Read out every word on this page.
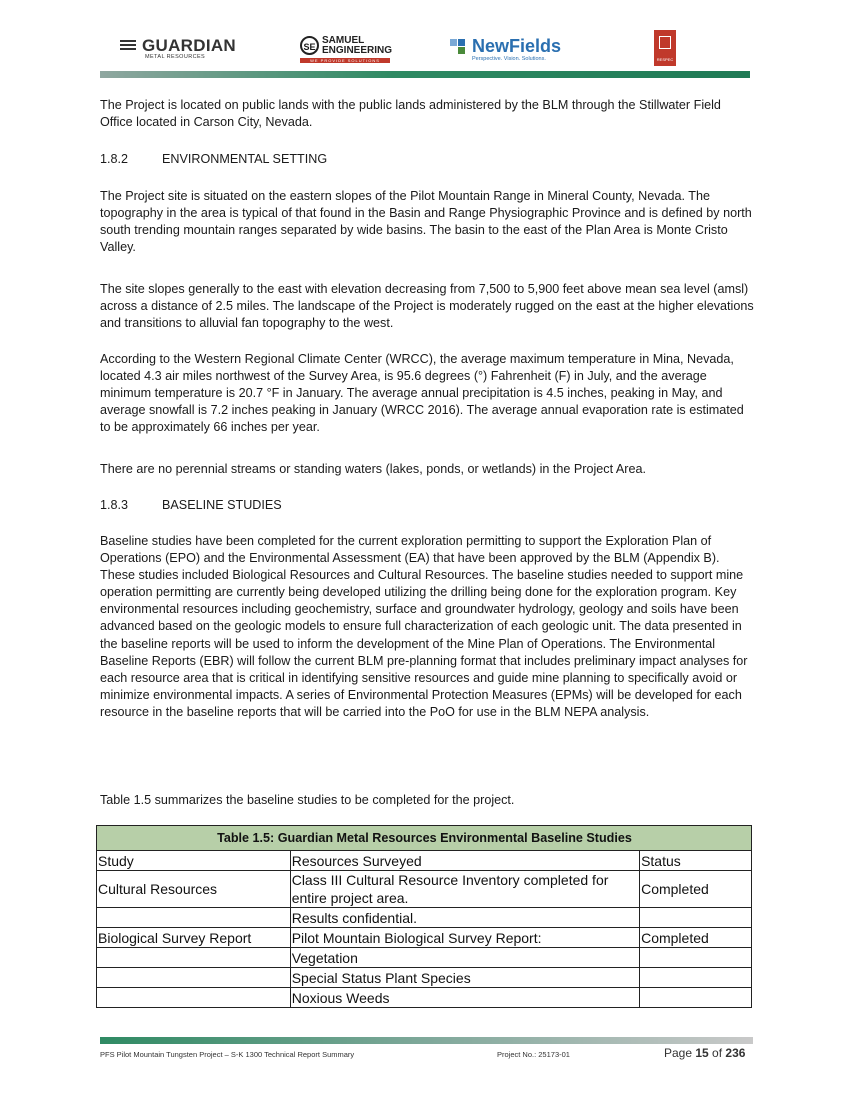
GUARDIAN
METAL RESOURCES
SE
SAMUEL
ENGINEERING
WE PROVIDE SOLUTIONS
NewFields
Perspective. Vision. Solutions.	RESPEC

The Project is located on public lands with the public lands administered by the BLM through the Stillwater Field Office located in Carson City, Nevada.

1.8.2	ENVIRONMENTAL SETTING

The Project site is situated on the eastern slopes of the Pilot Mountain Range in Mineral County, Nevada. The topography in the area is typical of that found in the Basin and Range Physiographic Province and is defined by north south trending mountain ranges separated by wide basins. The basin to the east of the Plan Area is Monte Cristo Valley.

The site slopes generally to the east with elevation decreasing from 7,500 to 5,900 feet above mean sea level (amsl) across a distance of 2.5 miles. The landscape of the Project is moderately rugged on the east at the higher elevations and transitions to alluvial fan topography to the west.

According to the Western Regional Climate Center (WRCC), the average maximum temperature in Mina, Nevada, located 4.3 air miles northwest of the Survey Area, is 95.6 degrees (°) Fahrenheit (F) in July, and the average minimum temperature is 20.7 °F in January. The average annual precipitation is 4.5 inches, peaking in May, and average snowfall is 7.2 inches peaking in January (WRCC 2016). The average annual evaporation rate is estimated to be approximately 66 inches per year.

There are no perennial streams or standing waters (lakes, ponds, or wetlands) in the Project Area.

1.8.3	BASELINE STUDIES

Baseline studies have been completed for the current exploration permitting to support the Exploration Plan of Operations (EPO) and the Environmental Assessment (EA) that have been approved by the BLM (Appendix B). These studies included Biological Resources and Cultural Resources. The baseline studies needed to support mine operation permitting are currently being developed utilizing the drilling being done for the exploration program. Key environmental resources including geochemistry, surface and groundwater hydrology, geology and soils have been advanced based on the geologic models to ensure full characterization of each geologic unit. The data presented in the baseline reports will be used to inform the development of the Mine Plan of Operations. The Environmental Baseline Reports (EBR) will follow the current BLM pre-planning format that includes preliminary impact analyses for each resource area that is critical in identifying sensitive resources and guide mine planning to specifically avoid or minimize environmental impacts. A series of Environmental Protection Measures (EPMs) will be developed for each resource in the baseline reports that will be carried into the PoO for use in the BLM NEPA analysis.

Table 1.5 summarizes the baseline studies to be completed for the project.

Table 1.5: Guardian Metal Resources Environmental Baseline Studies		
Study	Resources Surveyed	Status
Cultural Resources	Class III Cultural Resource Inventory completed for entire project area.	Completed
	Results confidential.	
Biological Survey Report	Pilot Mountain Biological Survey Report:	Completed
	Vegetation	
	Special Status Plant Species	
	Noxious Weeds	
PFS Pilot Mountain Tungsten Project – S-K 1300 Technical Report Summary	Project No.: 25173-01	Page 15 of 236
